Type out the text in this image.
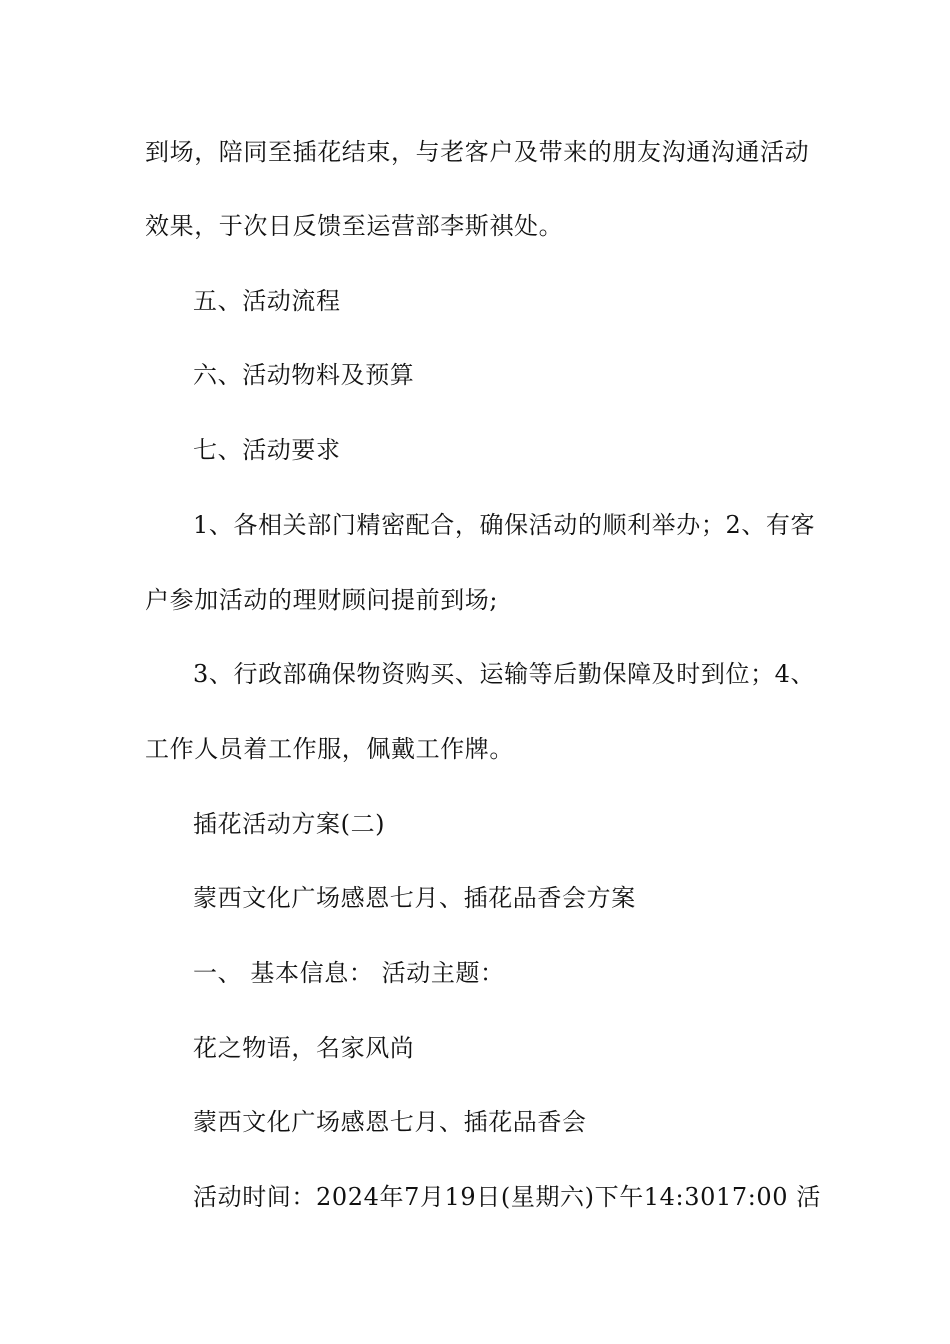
到场，陪同至插花结束，与老客户及带来的朋友沟通沟通活动
效果，于次日反馈至运营部李斯祺处。
五、活动流程
六、活动物料及预算
七、活动要求
1、各相关部门精密配合，确保活动的顺利举办；2、有客
户参加活动的理财顾问提前到场;
3、行政部确保物资购买、运输等后勤保障及时到位；4、
工作人员着工作服，佩戴工作牌。
插花活动方案(二)
蒙西文化广场感恩七月、插花品香会方案
一、 基本信息： 活动主题：
花之物语，名家风尚
蒙西文化广场感恩七月、插花品香会
活动时间：2024年7月19日(星期六)下午14:3017:00 活
